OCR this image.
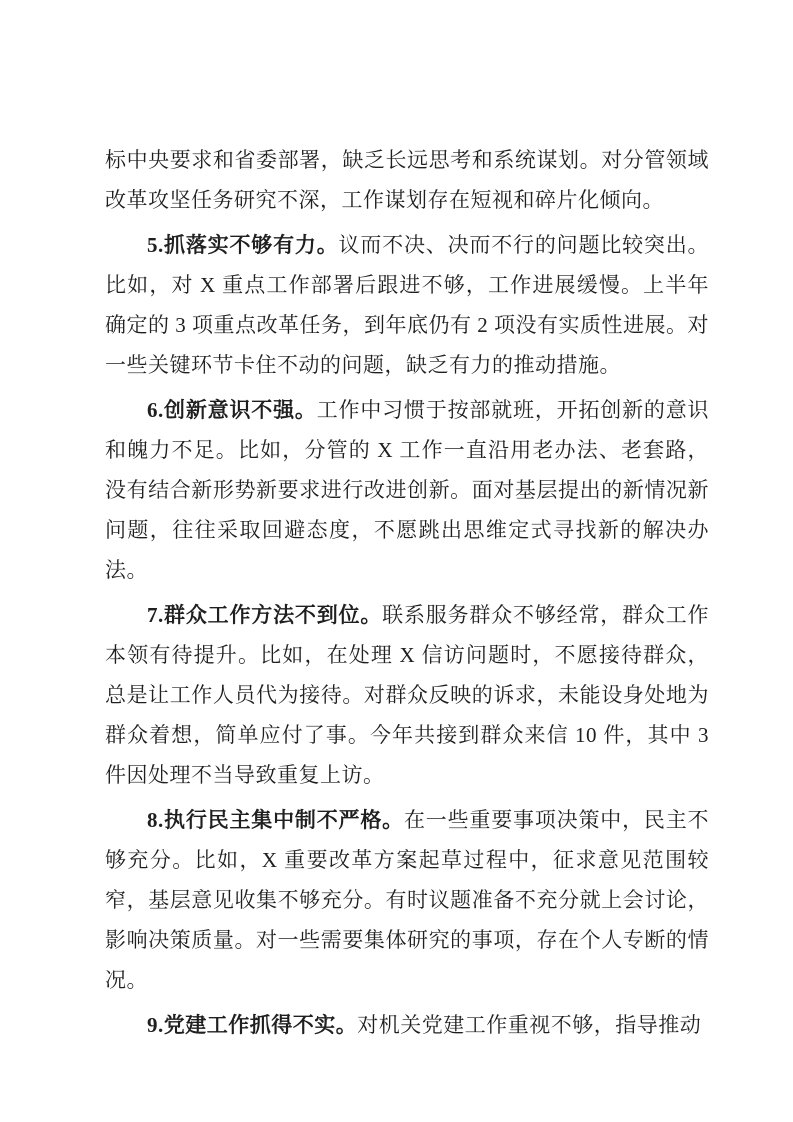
标中央要求和省委部署，缺乏长远思考和系统谋划。对分管领域改革攻坚任务研究不深，工作谋划存在短视和碎片化倾向。

5.抓落实不够有力。议而不决、决而不行的问题比较突出。比如，对 X 重点工作部署后跟进不够，工作进展缓慢。上半年确定的 3 项重点改革任务，到年底仍有 2 项没有实质性进展。对一些关键环节卡住不动的问题，缺乏有力的推动措施。

6.创新意识不强。工作中习惯于按部就班，开拓创新的意识和魄力不足。比如，分管的 X 工作一直沿用老办法、老套路，没有结合新形势新要求进行改进创新。面对基层提出的新情况新问题，往往采取回避态度，不愿跳出思维定式寻找新的解决办法。

7.群众工作方法不到位。联系服务群众不够经常，群众工作本领有待提升。比如，在处理 X 信访问题时，不愿接待群众，总是让工作人员代为接待。对群众反映的诉求，未能设身处地为群众着想，简单应付了事。今年共接到群众来信 10 件，其中 3 件因处理不当导致重复上访。

8.执行民主集中制不严格。在一些重要事项决策中，民主不够充分。比如，X 重要改革方案起草过程中，征求意见范围较窄，基层意见收集不够充分。有时议题准备不充分就上会讨论，影响决策质量。对一些需要集体研究的事项，存在个人专断的情况。

9.党建工作抓得不实。对机关党建工作重视不够，指导推动
